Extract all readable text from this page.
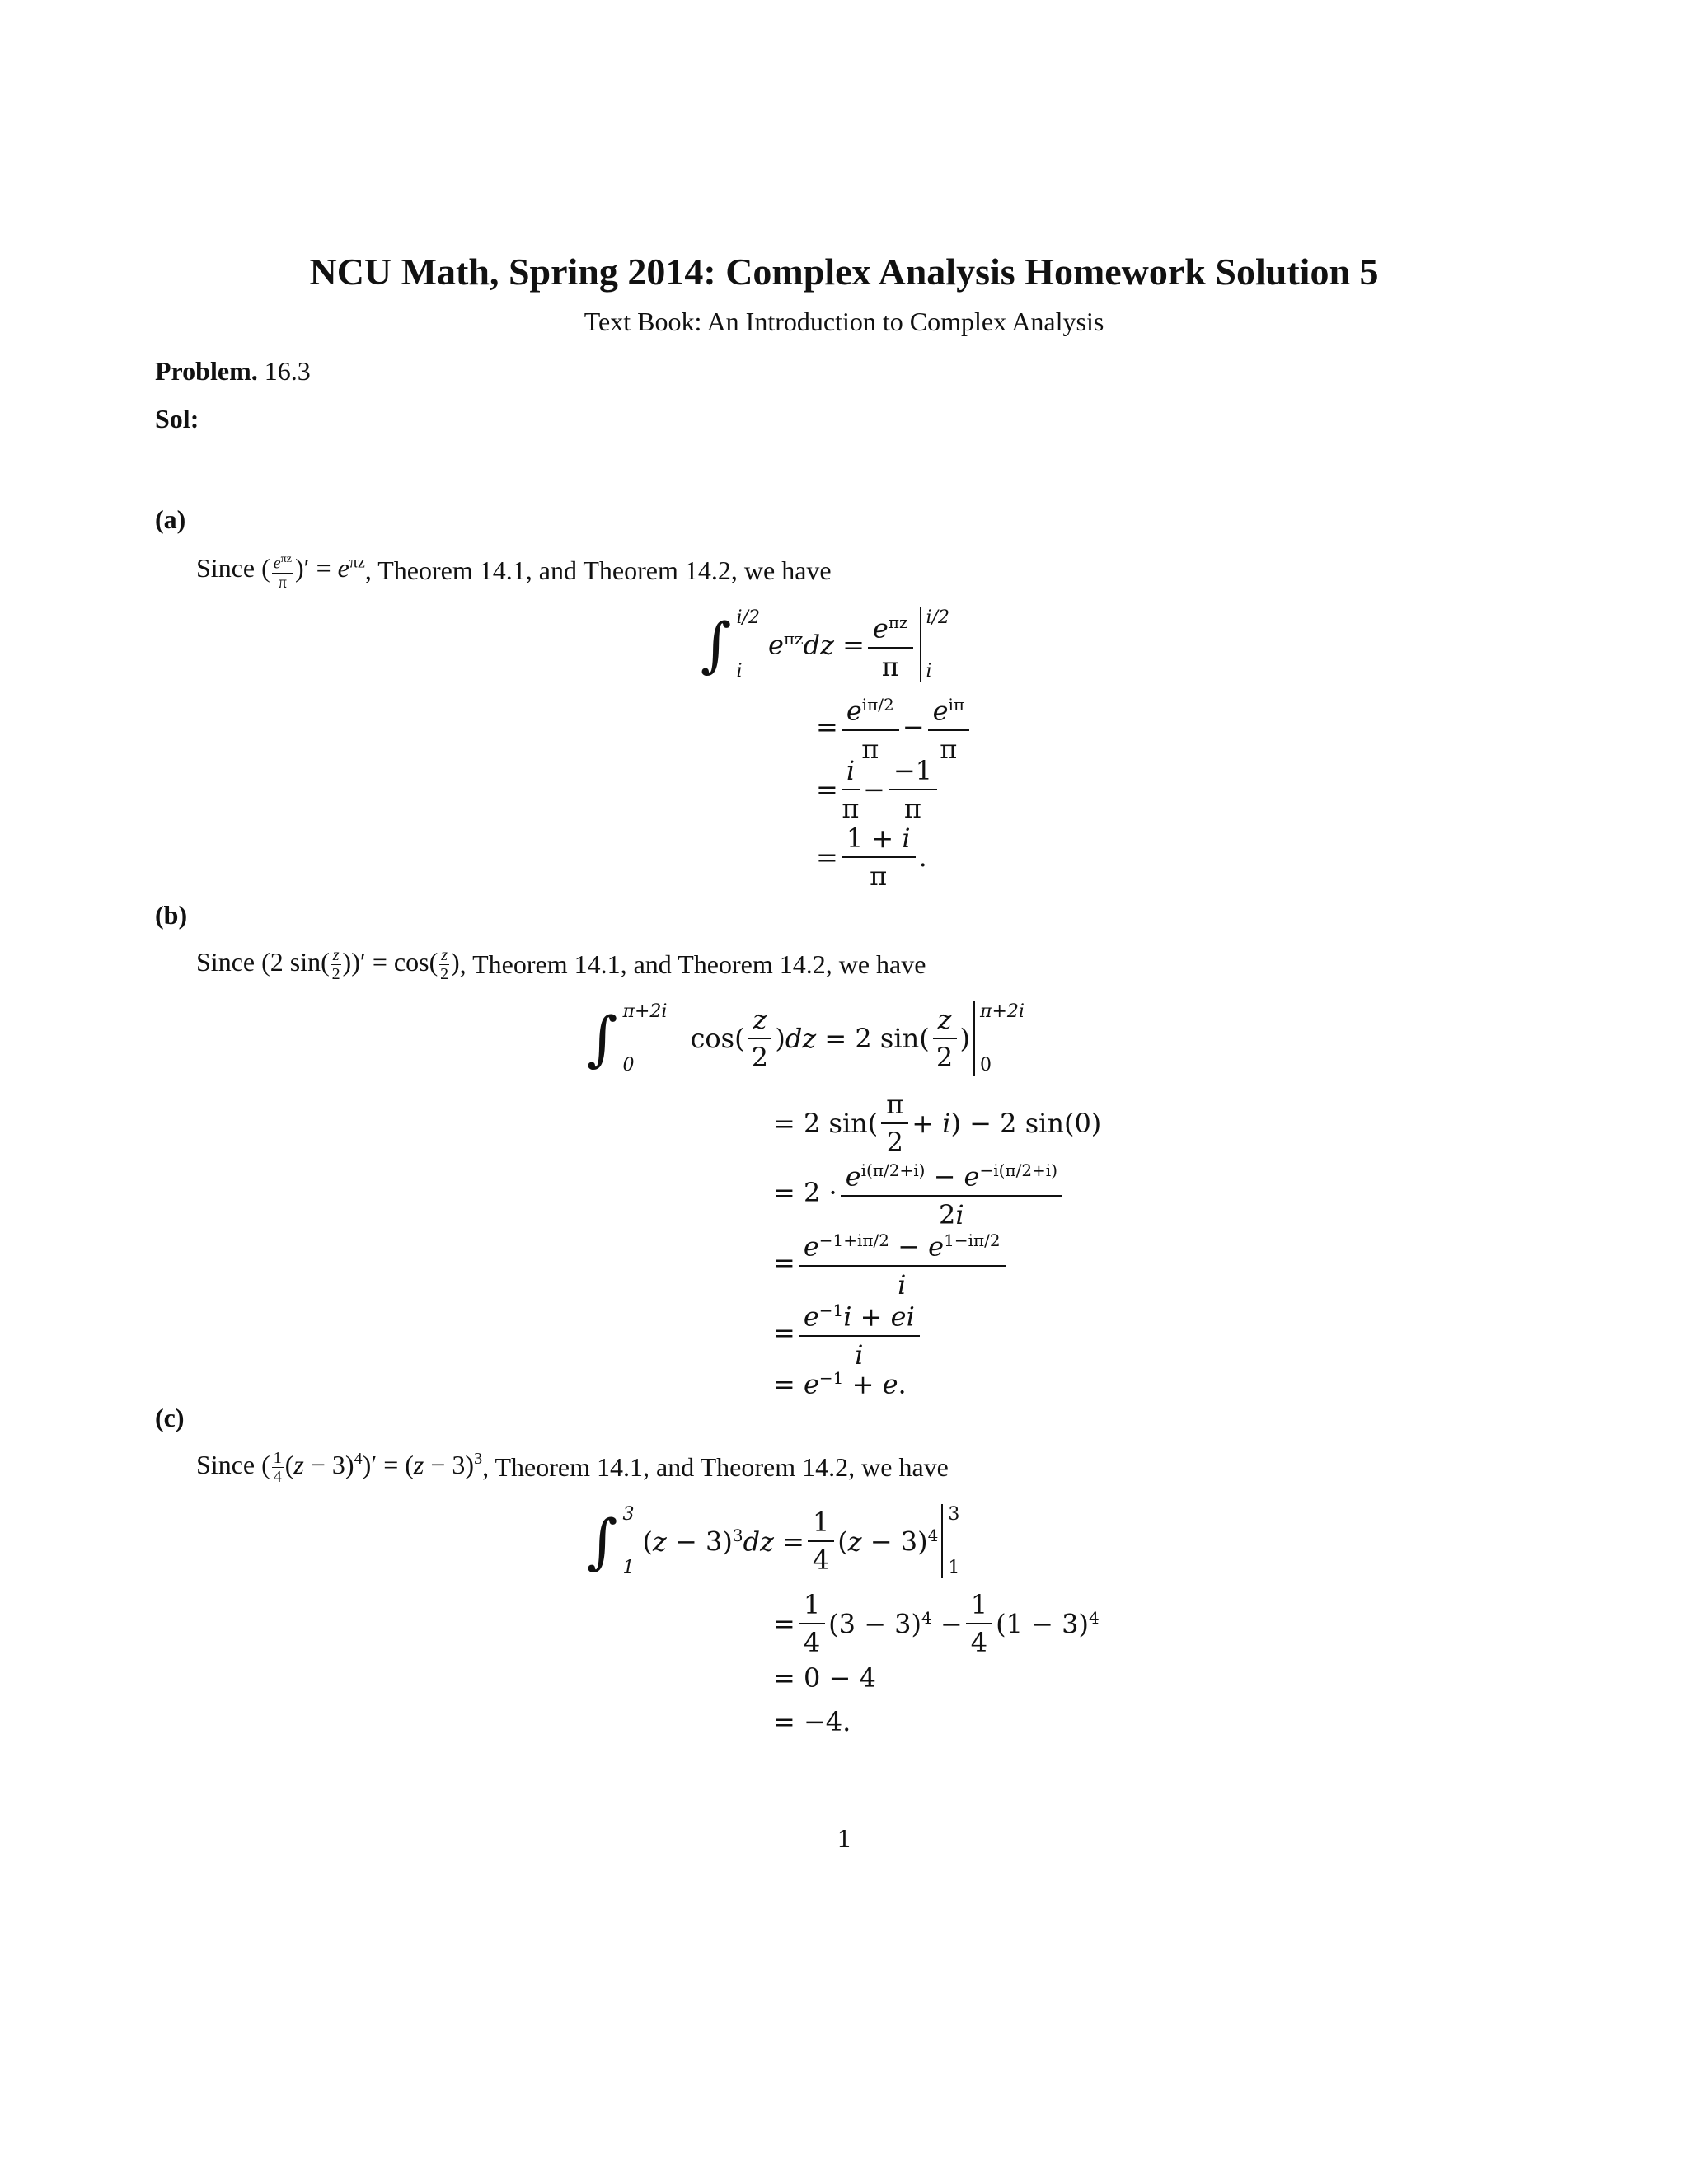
NCU Math, Spring 2014: Complex Analysis Homework Solution 5
Text Book: An Introduction to Complex Analysis
Problem. 16.3
Sol:
(a)
Since ( $\frac{e^{\pi z}}{\pi}$ )′ = $e^{\pi z}$ , Theorem 14.1, and Theorem 14.2, we have
∫ i/2
i
$e^{\pi z}dz = \frac{e^{\pi z}}{\pi} i/2$
i
= $\frac{e^{i\pi/2}}{\pi} - \frac{e^{i\pi}}{\pi}$
= $\frac{i}{\pi} - \frac{-1}{\pi}$
= $\frac{1 + i}{\pi}$ .
(b)
Since (2 $\sin( \frac{z}{2}$ ))′ = $\cos( \frac{z}{2}$ ) , Theorem 14.1, and Theorem 14.2, we have
∫ π+2i
0
$\cos( \frac{z}{2} )dz = 2$ $\sin( \frac{z}{2}$ )
π+2i
0
= 2 $\sin( \frac{\pi}{2} + i) - 2$ sin(0)
= $2 \cdot \frac{e^{i(\pi/2+i)} - e^{-i(\pi/2+i)}}{2i}$
= $\frac{e^{-1+i\pi/2} - e^{1-i\pi/2}}{i}$
= $\frac{e^{-1}i + ei}{i}$
= $e^{-1} + e$.
(c)
Since ( $\frac{1}{4} (z - 3)^4)' = (z - 3)^3$ , Theorem 14.1, and Theorem 14.2, we have
∫ 3
1
$(z - 3)^3dz = \frac{1}{4} (z - 3)^4$
3
1
= $\frac{1}{4} (3 - 3)^4 - \frac{1}{4} (1 - 3)^4$
= 0 − 4
= −4.
1
